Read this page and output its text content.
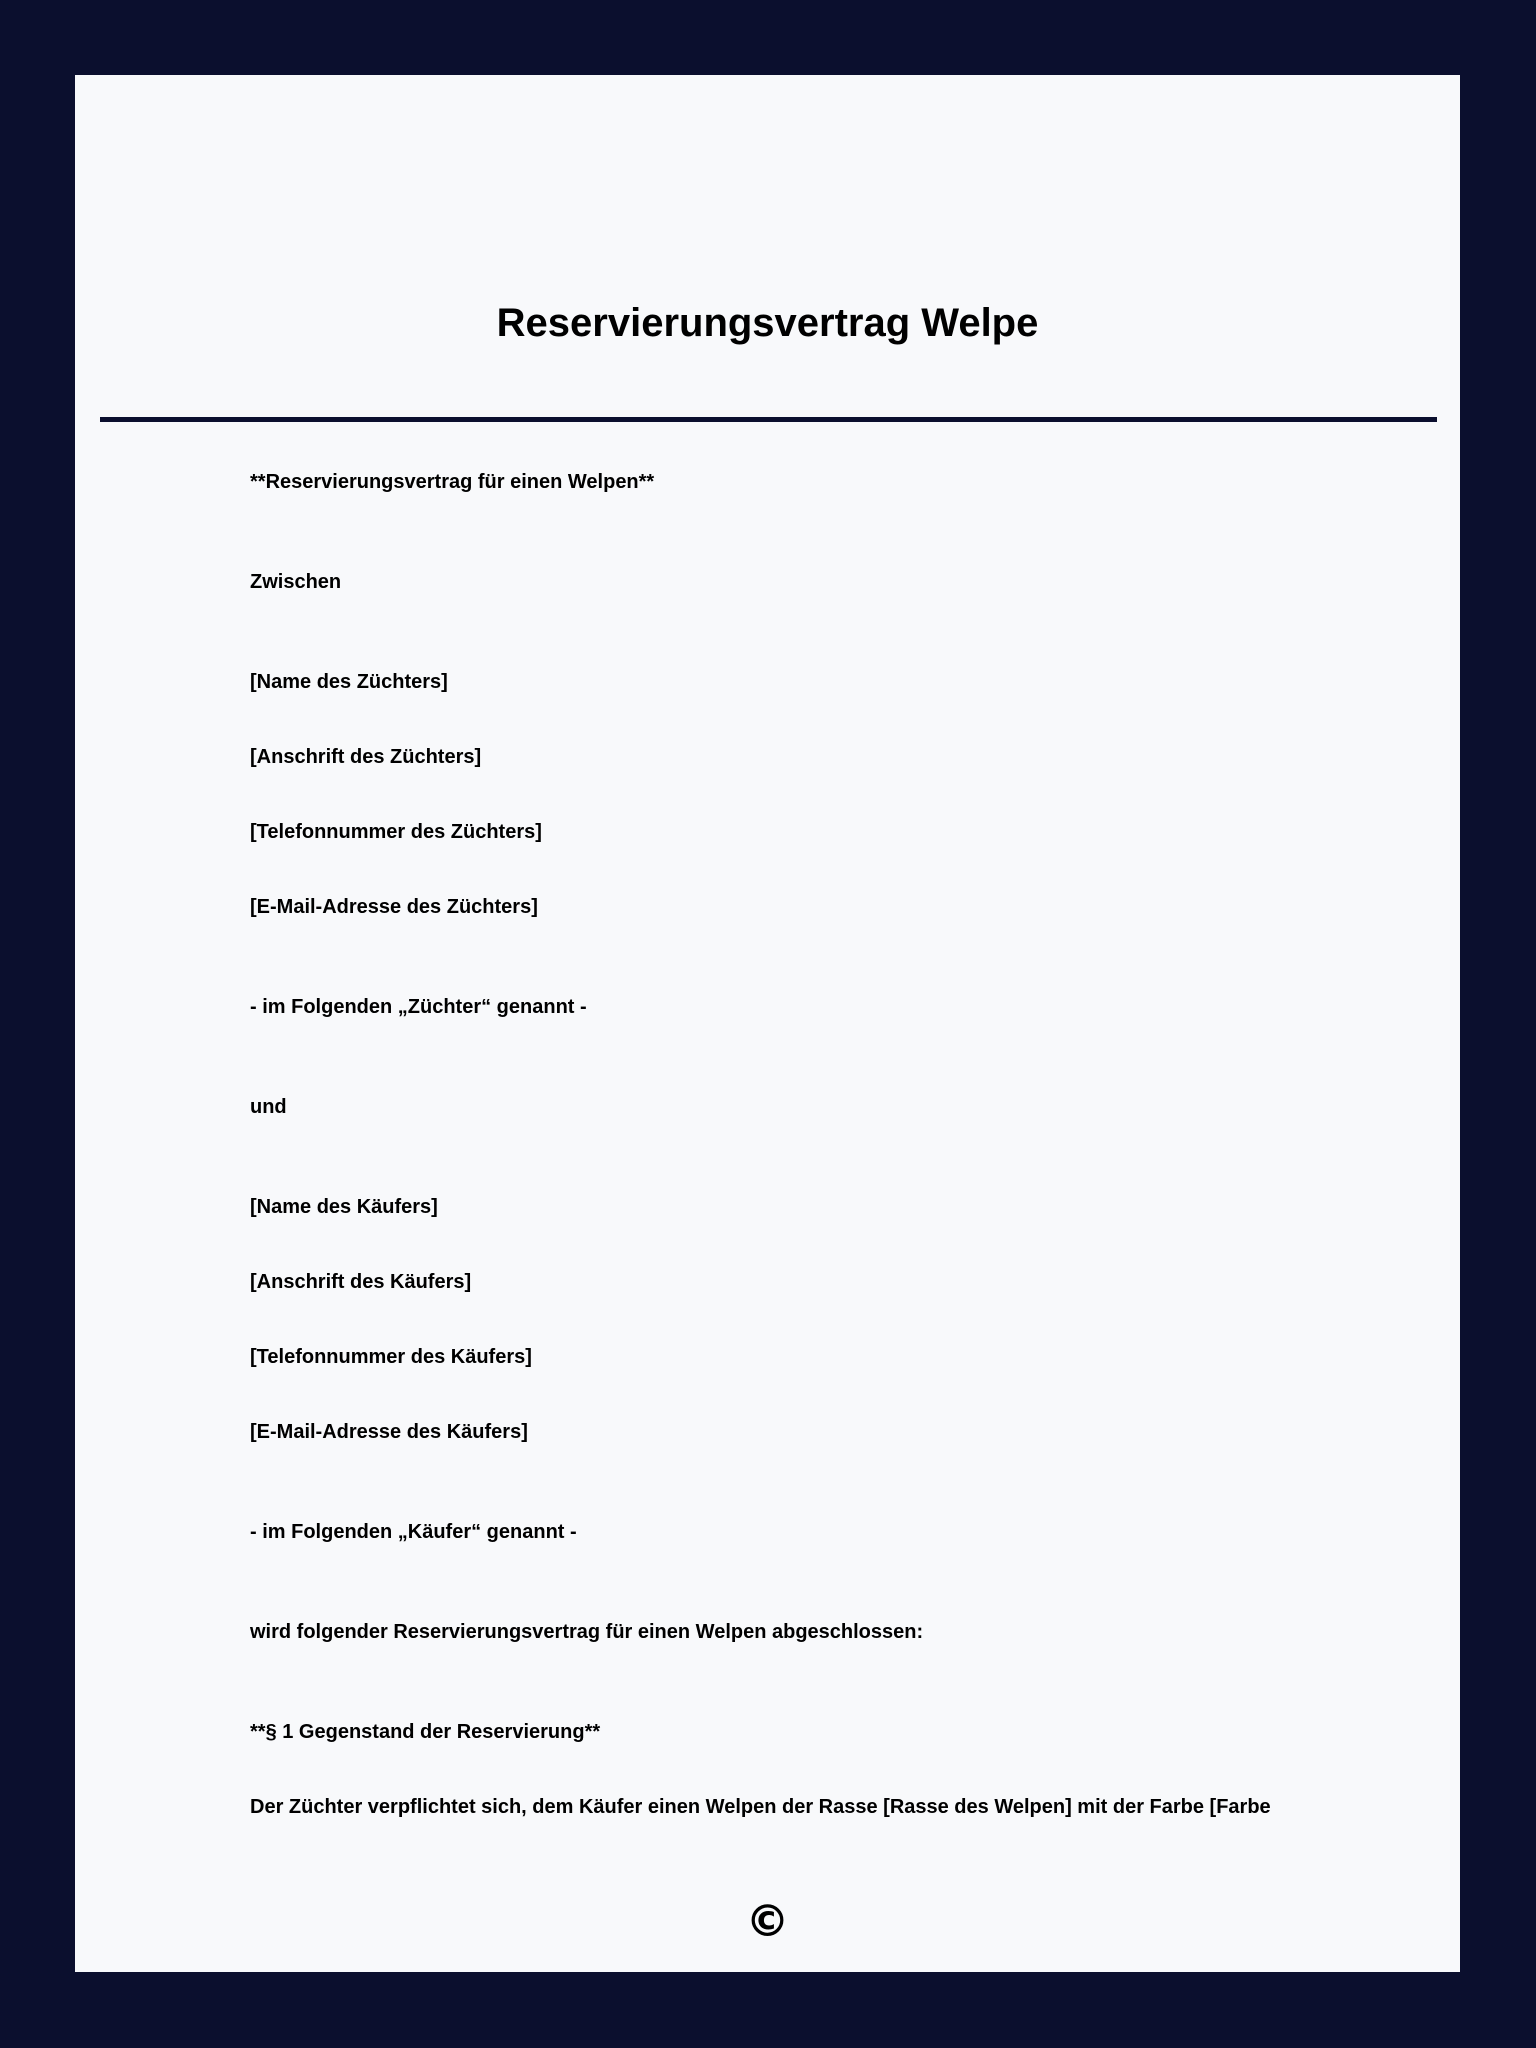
Reservierungsvertrag Welpe
**Reservierungsvertrag für einen Welpen**
Zwischen
[Name des Züchters]
[Anschrift des Züchters]
[Telefonnummer des Züchters]
[E-Mail-Adresse des Züchters]
- im Folgenden „Züchter“ genannt -
und
[Name des Käufers]
[Anschrift des Käufers]
[Telefonnummer des Käufers]
[E-Mail-Adresse des Käufers]
- im Folgenden „Käufer“ genannt -
wird folgender Reservierungsvertrag für einen Welpen abgeschlossen:
**§ 1 Gegenstand der Reservierung**
Der Züchter verpflichtet sich, dem Käufer einen Welpen der Rasse [Rasse des Welpen] mit der Farbe [Farbe
©
